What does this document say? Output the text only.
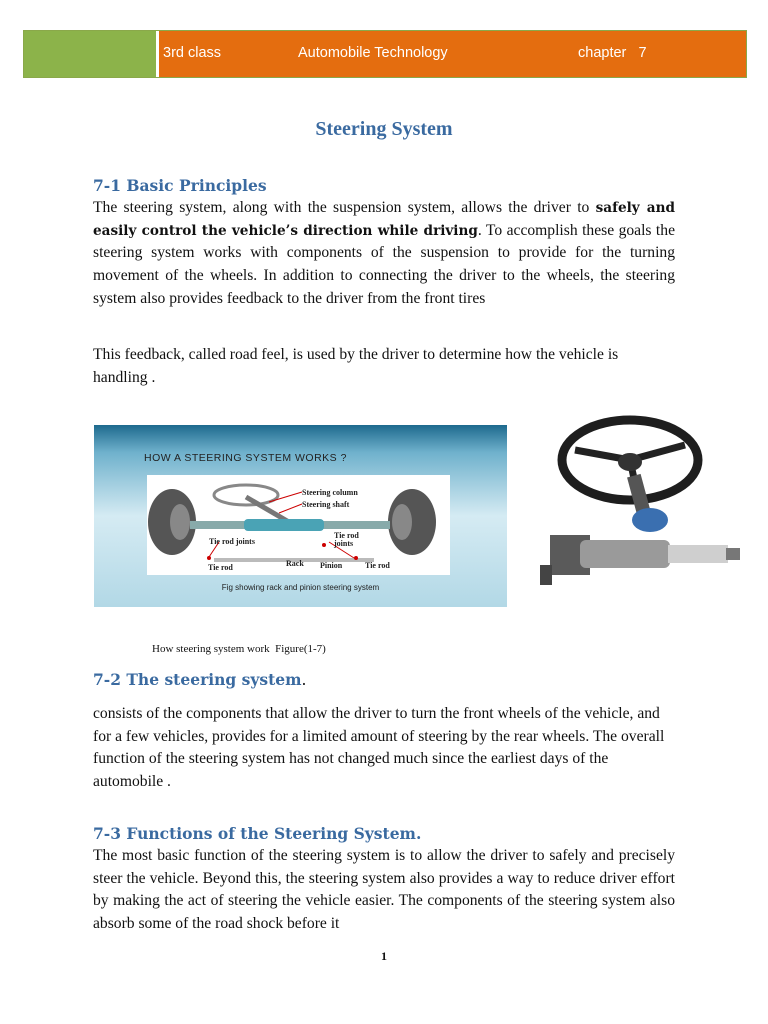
3rd class	Automobile Technology	chapter   7
Steering System
7-1 Basic Principles
The steering system, along with the suspension system, allows the driver to safely and easily control the vehicle’s direction while driving. To accomplish these goals the steering system works with components of the suspension to provide for the turning movement of the wheels. In addition to connecting the driver to the wheels, the steering system also provides feedback to the driver from the front tires
This feedback, called road feel, is used by the driver to determine how the vehicle is handling .
HOW A STEERING SYSTEM WORKS ?
Steering column
Steering shaft
Tie rod
joints
Tie rod joints
Tie rod	Rack Pinion	Tie rod
Fig showing rack and pinion steering system
How steering system work  Figure(1-7)
7-2 The steering system.
consists of the components that allow the driver to turn the front wheels of the vehicle, and for a few vehicles, provides for a limited amount of steering by the rear wheels. The overall function of the steering system has not changed much since the earliest days of the automobile .
7-3 Functions of the Steering System.
The most basic function of the steering system is to allow the driver to safely and precisely steer the vehicle. Beyond this, the steering system also provides a way to reduce driver effort by making the act of steering the vehicle easier. The components of the steering system also absorb some of the road shock before it
1
